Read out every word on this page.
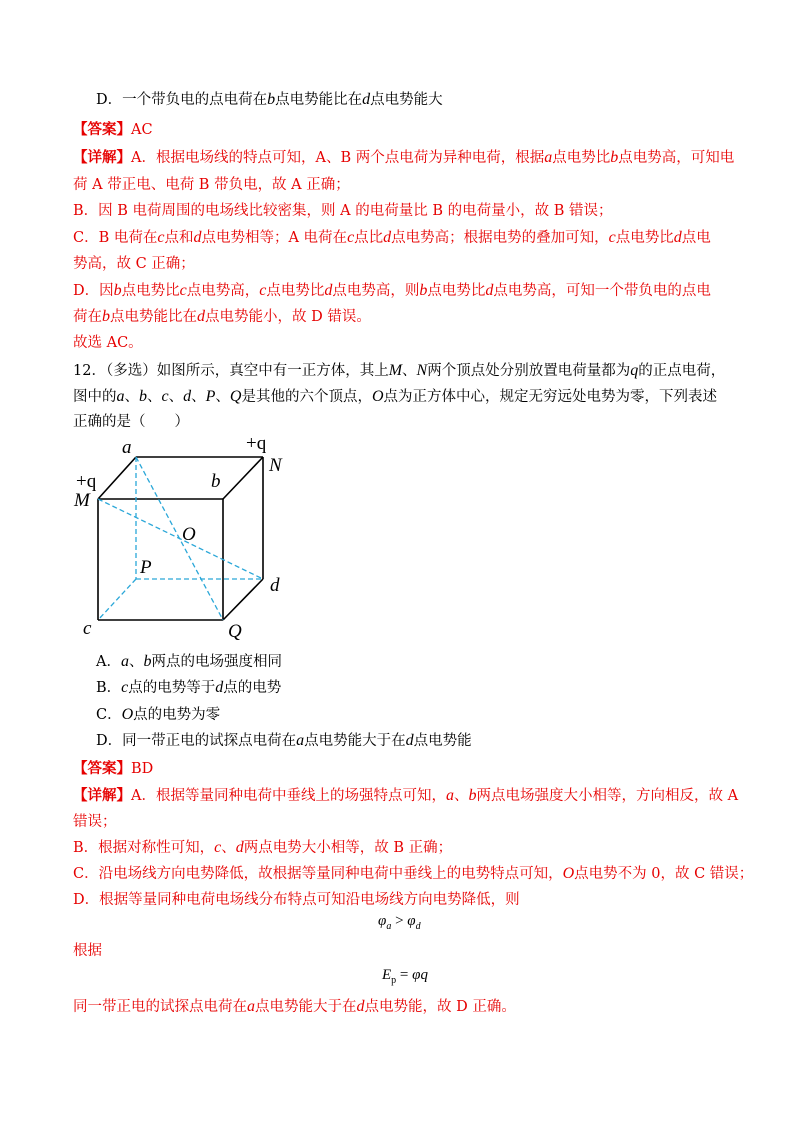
D．一个带负电的点电荷在b点电势能比在d点电势能大
【答案】AC
【详解】A．根据电场线的特点可知，A、B 两个点电荷为异种电荷，根据a点电势比b点电势高，可知电
荷 A 带正电、电荷 B 带负电，故 A 正确；
B．因 B 电荷周围的电场线比较密集，则 A 的电荷量比 B 的电荷量小，故 B 错误；
C．B 电荷在c点和d点电势相等；A 电荷在c点比d点电势高；根据电势的叠加可知，c点电势比d点电
势高，故 C 正确；
D．因b点电势比c点电势高，c点电势比d点电势高，则b点电势比d点电势高，可知一个带负电的点电
荷在b点电势能比在d点电势能小，故 D 错误。
故选 AC。
12．（多选）如图所示，真空中有一正方体，其上M、N两个顶点处分别放置电荷量都为q的正点电荷，
图中的a、b、c、d、P、Q是其他的六个顶点，O点为正方体中心，规定无穷远处电势为零，下列表述
正确的是（　　）
a	+q
N
b
+q
M
O
P
d
c	Q
A．a、b两点的电场强度相同
B．c点的电势等于d点的电势
C．O点的电势为零
D．同一带正电的试探点电荷在a点电势能大于在d点电势能
【答案】BD
【详解】A．根据等量同种电荷中垂线上的场强特点可知，a、b两点电场强度大小相等，方向相反，故 A
错误；
B．根据对称性可知，c、d两点电势大小相等，故 B 正确；
C．沿电场线方向电势降低，故根据等量同种电荷中垂线上的电势特点可知，O点电势不为 0，故 C 错误；
D．根据等量同种电荷电场线分布特点可知沿电场线方向电势降低，则
$\varphi_a > \varphi_d$
根据
$E_p = \varphi q$
同一带正电的试探点电荷在a点电势能大于在d点电势能，故 D 正确。
